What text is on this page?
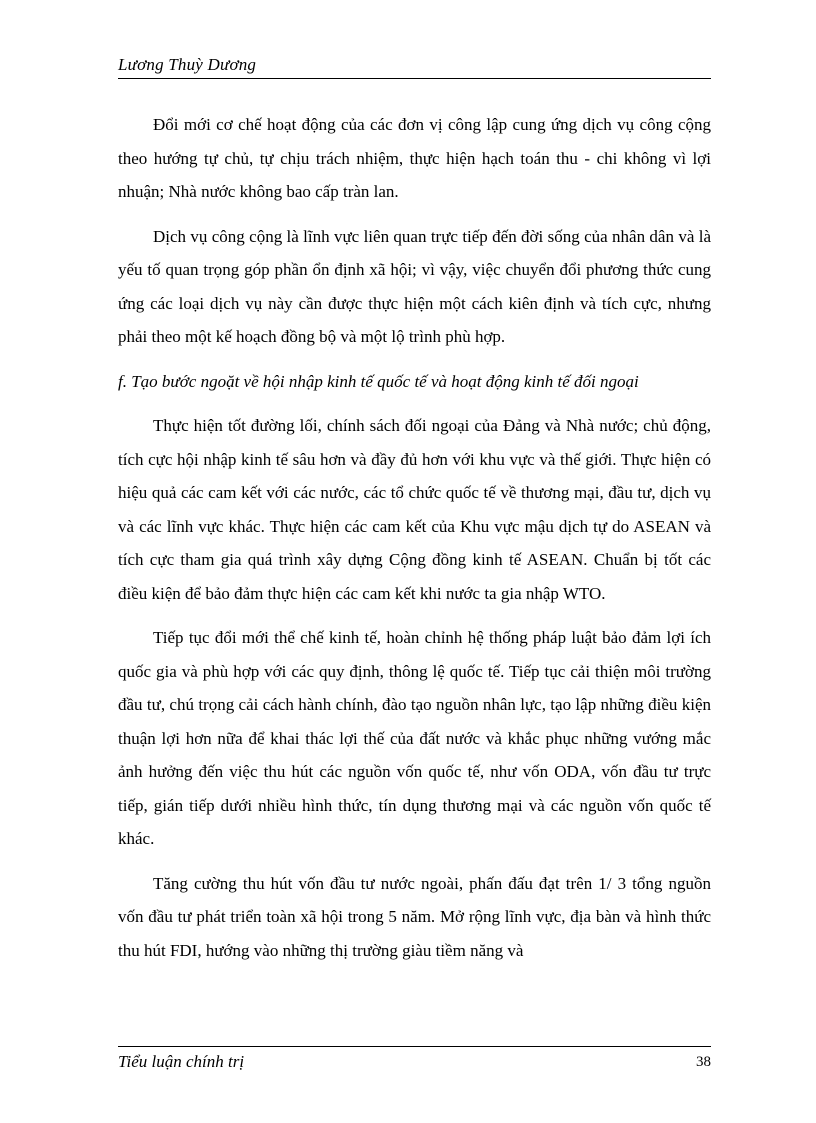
Lương Thuỳ Dương

Đổi mới cơ chế hoạt động của các đơn vị công lập cung ứng dịch vụ công cộng theo hướng tự chủ, tự chịu trách nhiệm, thực hiện hạch toán thu - chi không vì lợi nhuận; Nhà nước không bao cấp tràn lan.

Dịch vụ công cộng là lĩnh vực liên quan trực tiếp đến đời sống của nhân dân và là yếu tố quan trọng góp phần ổn định xã hội; vì vậy, việc chuyển đổi phương thức cung ứng các loại dịch vụ này cần được thực hiện một cách kiên định và tích cực, nhưng phải theo một kế hoạch đồng bộ và một lộ trình phù hợp.

f. Tạo bước ngoặt về hội nhập kinh tế quốc tế và hoạt động kinh tế đối ngoại

Thực hiện tốt đường lối, chính sách đối ngoại của Đảng và Nhà nước; chủ động, tích cực hội nhập kinh tế sâu hơn và đầy đủ hơn với khu vực và thế giới. Thực hiện có hiệu quả các cam kết với các nước, các tổ chức quốc tế về thương mại, đầu tư, dịch vụ và các lĩnh vực khác. Thực hiện các cam kết của Khu vực mậu dịch tự do ASEAN và tích cực tham gia quá trình xây dựng Cộng đồng kinh tế ASEAN. Chuẩn bị tốt các điều kiện để bảo đảm thực hiện các cam kết khi nước ta gia nhập WTO.

Tiếp tục đổi mới thể chế kinh tế, hoàn chỉnh hệ thống pháp luật bảo đảm lợi ích quốc gia và phù hợp với các quy định, thông lệ quốc tế. Tiếp tục cải thiện môi trường đầu tư, chú trọng cải cách hành chính, đào tạo nguồn nhân lực, tạo lập những điều kiện thuận lợi hơn nữa để khai thác lợi thế của đất nước và khắc phục những vướng mắc ảnh hưởng đến việc thu hút các nguồn vốn quốc tế, như vốn ODA, vốn đầu tư trực tiếp, gián tiếp dưới nhiều hình thức, tín dụng thương mại và các nguồn vốn quốc tế khác.

Tăng cường thu hút vốn đầu tư nước ngoài, phấn đấu đạt trên 1/ 3 tổng nguồn vốn đầu tư phát triển toàn xã hội trong 5 năm. Mở rộng lĩnh vực, địa bàn và hình thức thu hút FDI, hướng vào những thị trường giàu tiềm năng và

Tiểu luận chính trị	38
